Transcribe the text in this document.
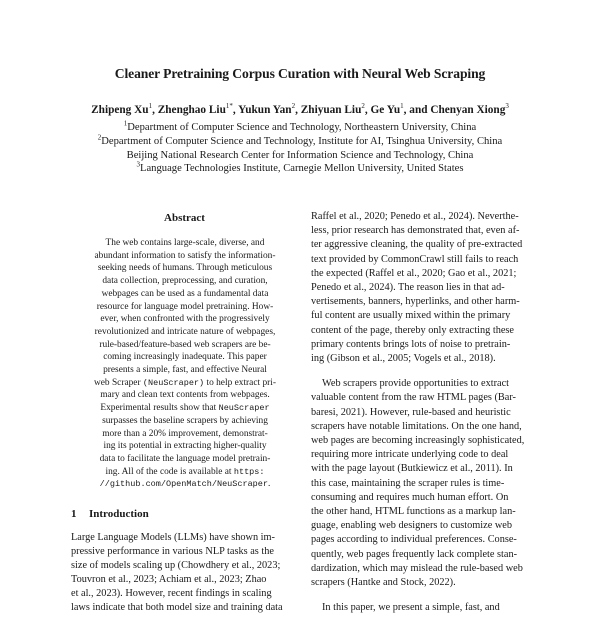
Cleaner Pretraining Corpus Curation with Neural Web Scraping
Zhipeng Xu$^1$, Zhenghao Liu$^{1*}$, Yukun Yan$^2$, Zhiyuan Liu$^2$, Ge Yu$^1$, and Chenyan Xiong$^3$
$^1$Department of Computer Science and Technology, Northeastern University, China
$^2$Department of Computer Science and Technology, Institute for AI, Tsinghua University, China
Beijing National Research Center for Information Science and Technology, China
$^3$Language Technologies Institute, Carnegie Mellon University, United States
Abstract
The web contains large-scale, diverse, and
abundant information to satisfy the information-
seeking needs of humans. Through meticulous
data collection, preprocessing, and curation,
webpages can be used as a fundamental data
resource for language model pretraining. How-
ever, when confronted with the progressively
revolutionized and intricate nature of webpages,
rule-based/feature-based web scrapers are be-
coming increasingly inadequate. This paper
presents a simple, fast, and effective Neural
web Scraper (NeuScraper) to help extract pri-
mary and clean text contents from webpages.
Experimental results show that NeuScraper
surpasses the baseline scrapers by achieving
more than a 20% improvement, demonstrat-
ing its potential in extracting higher-quality
data to facilitate the language model pretrain-
ing. All of the code is available at https:
//github.com/OpenMatch/NeuScraper.
1 Introduction
Large Language Models (LLMs) have shown im-
pressive performance in various NLP tasks as the
size of models scaling up (Chowdhery et al., 2023;
Touvron et al., 2023; Achiam et al., 2023; Zhao
et al., 2023). However, recent findings in scaling
laws indicate that both model size and training data
Raffel et al., 2020; Penedo et al., 2024). Neverthe-
less, prior research has demonstrated that, even af-
ter aggressive cleaning, the quality of pre-extracted
text provided by CommonCrawl still fails to reach
the expected (Raffel et al., 2020; Gao et al., 2021;
Penedo et al., 2024). The reason lies in that ad-
vertisements, banners, hyperlinks, and other harm-
ful content are usually mixed within the primary
content of the page, thereby only extracting these
primary contents brings lots of noise to pretrain-
ing (Gibson et al., 2005; Vogels et al., 2018).
Web scrapers provide opportunities to extract
valuable content from the raw HTML pages (Bar-
baresi, 2021). However, rule-based and heuristic
scrapers have notable limitations. On the one hand,
web pages are becoming increasingly sophisticated,
requiring more intricate underlying code to deal
with the page layout (Butkiewicz et al., 2011). In
this case, maintaining the scraper rules is time-
consuming and requires much human effort. On
the other hand, HTML functions as a markup lan-
guage, enabling web designers to customize web
pages according to individual preferences. Conse-
quently, web pages frequently lack complete stan-
dardization, which may mislead the rule-based web
scrapers (Hantke and Stock, 2022).
In this paper, we present a simple, fast, and
